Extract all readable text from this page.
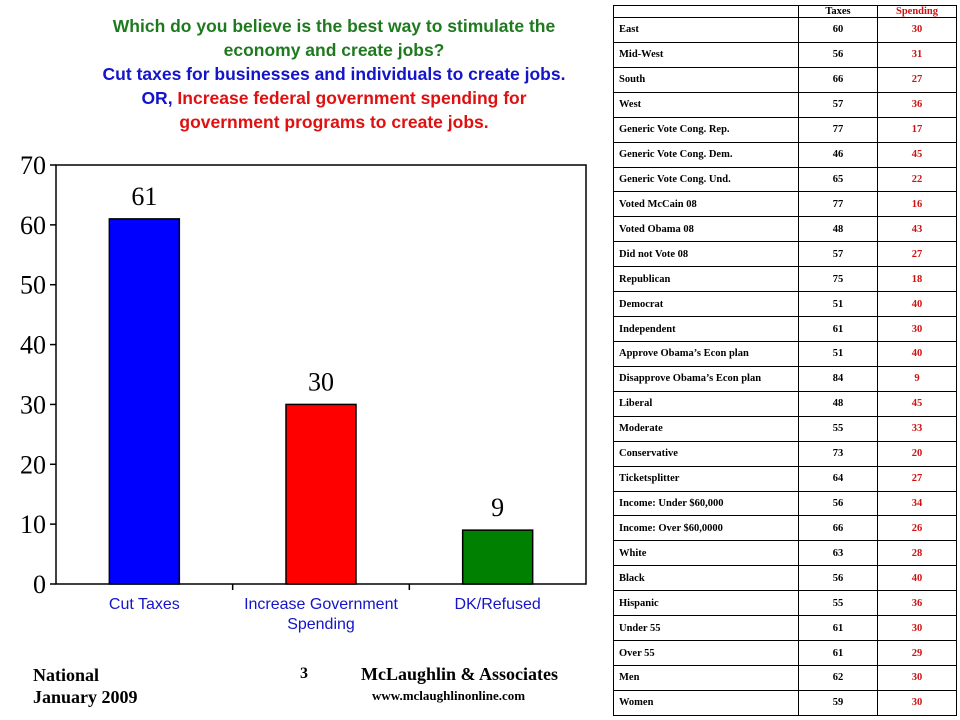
Which do you believe is the best way to stimulate the economy and create jobs?
Cut taxes for businesses and individuals to create jobs. OR, Increase federal government spending for government programs to create jobs.
0
10
20
30
40
50
60
70
61
Cut Taxes
30
Increase Government
Spending
9
DK/Refused
National
January 2009
3	McLaughlin & Associates
www.mclaughlinonline.com
	Taxes	Spending
East	60	30
Mid-West	56	31
South	66	27
West	57	36
Generic Vote Cong. Rep.	77	17
Generic Vote Cong. Dem.	46	45
Generic Vote Cong. Und.	65	22
Voted McCain 08	77	16
Voted Obama 08	48	43
Did not Vote 08	57	27
Republican	75	18
Democrat	51	40
Independent	61	30
Approve Obama’s Econ plan	51	40
Disapprove Obama’s Econ plan	84	9
Liberal	48	45
Moderate	55	33
Conservative	73	20
Ticketsplitter	64	27
Income: Under $60,000	56	34
Income: Over $60,0000	66	26
White	63	28
Black	56	40
Hispanic	55	36
Under 55	61	30
Over 55	61	29
Men	62	30
Women	59	30
